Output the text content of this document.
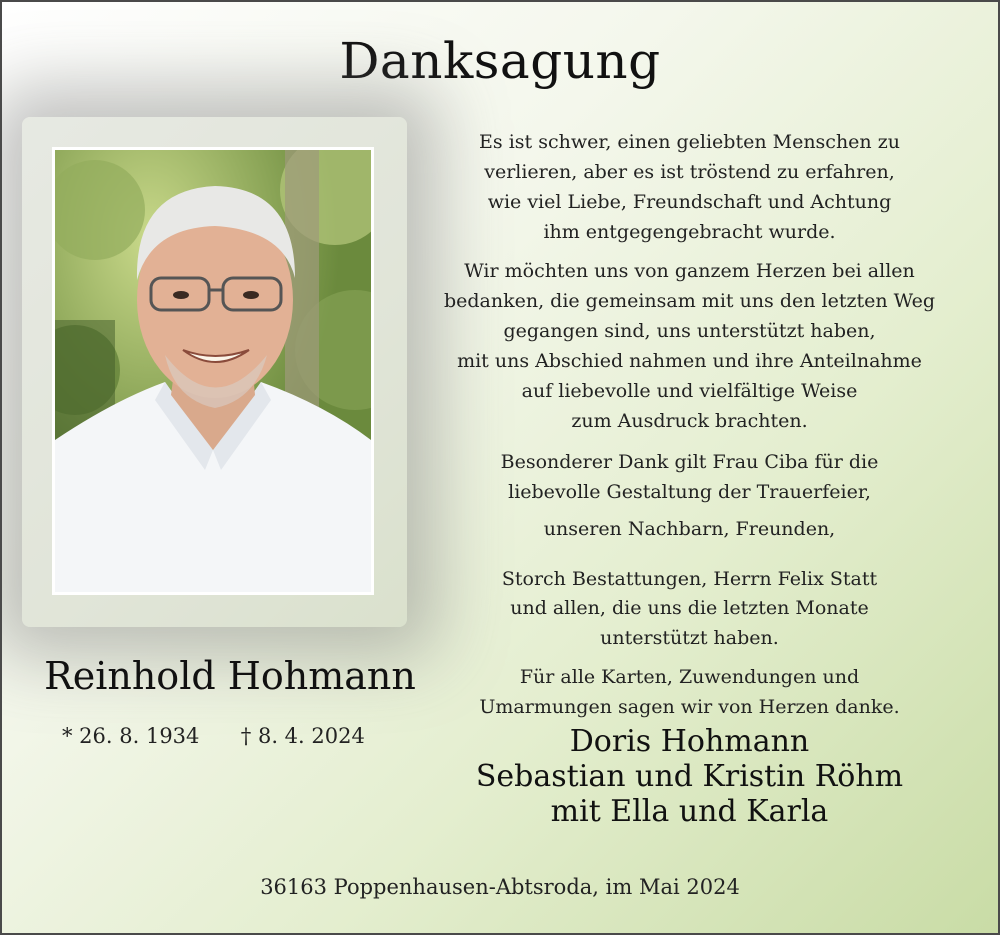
Danksagung
Reinhold Hohmann
* 26. 8. 1934 † 8. 4. 2024

Es ist schwer, einen geliebten Menschen zu
verlieren, aber es ist tröstend zu erfahren,
wie viel Liebe, Freundschaft und Achtung
ihm entgegengebracht wurde.

Wir möchten uns von ganzem Herzen bei allen
bedanken, die gemeinsam mit uns den letzten Weg
gegangen sind, uns unterstützt haben,
mit uns Abschied nahmen und ihre Anteilnahme
auf liebevolle und vielfältige Weise
zum Ausdruck brachten.

Besonderer Dank gilt Frau Ciba für die
liebevolle Gestaltung der Trauerfeier,

unseren Nachbarn, Freunden,

Storch Bestattungen, Herrn Felix Statt

und allen, die uns die letzten Monate
unterstützt haben.

Für alle Karten, Zuwendungen und
Umarmungen sagen wir von Herzen danke.

Doris Hohmann
Sebastian und Kristin Röhm
mit Ella und Karla
36163 Poppenhausen-Abtsroda, im Mai 2024
